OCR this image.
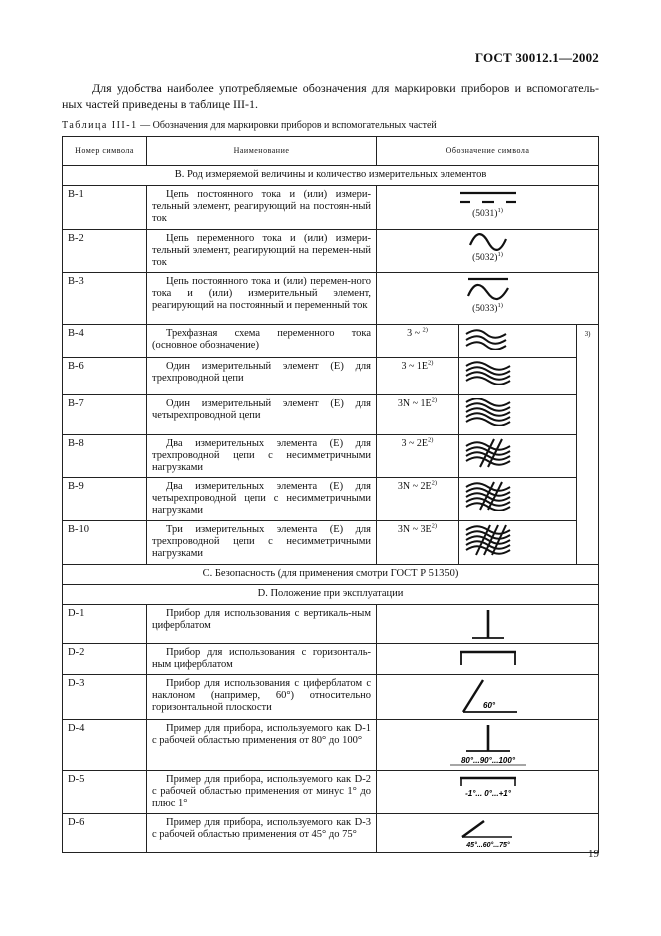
ГОСТ 30012.1—2002
Для удобства наиболее употребляемые обозначения для маркировки приборов и вспомогатель-ных частей приведены в таблице III-1.
Таблица III-1 — Обозначения для маркировки приборов и вспомогательных частей
Номер символа	Наименование	Обозначение символа		
B. Род измеряемой величины и количество измерительных элементов				
B-1	Цепь постоянного тока и (или) измери-тельный элемент, реагирующий на постоян-ный ток	$(5031)^{1)}$

B-2	Цепь переменного тока и (или) измери-тельный элемент, реагирующий на перемен-ный ток	$(5032)^{1)}$

B-3	Цепь постоянного тока и (или) перемен-ного тока и (или) измерительный элемент, реагирующий на постоянный и переменный ток	$(5033)^{1)}$

B-4	Трехфазная схема переменного тока (основное обозначение)	3 ~ $^{2)}$		3)
B-6	Один измерительный элемент (E) для трехпроводной цепи	3 ~ $1E^{2)}$	

B-7	Один измерительный элемент (E) для четырехпроводной цепи	3N ~ $1E^{2)}$	

B-8	Два измерительных элемента (E) для трехпроводной цепи с несимметричными нагрузками	3 ~ $2E^{2)}$	

B-9	Два измерительных элемента (E) для четырехпроводной цепи с несимметричными нагрузками	3N ~ $2E^{2)}$	

B-10	Три измерительных элемента (E) для трехпроводной цепи с несимметричными нагрузками	3N ~ $3E^{2)}$	

C. Безопасность (для применения смотри ГОСТ Р 51350)				
D. Положение при эксплуатации				
D-1	Прибор для использования с вертикаль-ным циферблатом

D-2	Прибор для использования с горизонталь-ным циферблатом

D-3	Прибор для использования с циферблатом с наклоном (например, 60°) относительно горизонтальной плоскости	60°		

D-4	Пример для прибора, используемого как D-1 с рабочей областью применения от 80° до 100°	80°...90°...100°		

D-5	Пример для прибора, используемого как D-2 с рабочей областью применения от минус 1° до плюс 1°	-1°... 0°...+1°		

D-6	Пример для прибора, используемого как D-3 с рабочей областью применения от 45° до 75°	45°...60°...75°		
19
